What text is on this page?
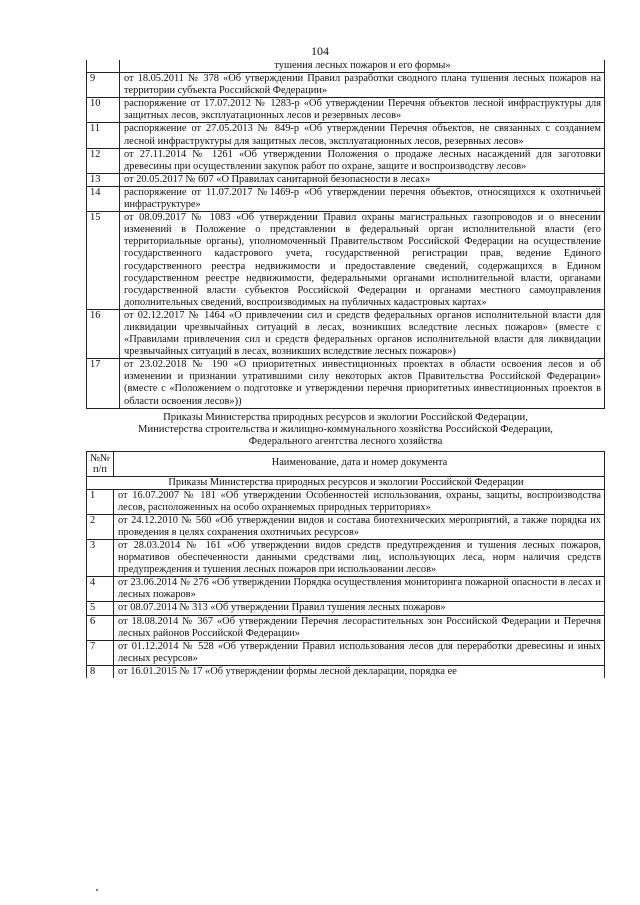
104
	тушения лесных пожаров и его формы»
9	от 18.05.2011 № 378 «Об утверждении Правил разработки сводного плана тушения лесных пожаров на территории субъекта Российской Федерации»
10	распоряжение от 17.07.2012 № 1283-р «Об утверждении Перечня объектов лесной инфраструктуры для защитных лесов, эксплуатационных лесов и резервных лесов»
11	распоряжение от 27.05.2013 № 849-р «Об утверждении Перечня объектов, не связанных с созданием лесной инфраструктуры для защитных лесов, эксплуатационных лесов, резервных лесов»
12	от 27.11.2014 № 1261 «Об утверждении Положения о продаже лесных насаждений для заготовки древесины при осуществлении закупок работ по охране, защите и воспроизводству лесов»
13	от 20.05.2017 № 607 «О Правилах санитарной безопасности в лесах»
14	распоряжение от 11.07.2017 №1469-р «Об утверждении перечня объектов, относящихся к охотничьей инфраструктуре»
15	от 08.09.2017 № 1083 «Об утверждении Правил охраны магистральных газопроводов и о внесении изменений в Положение о представлении в федеральный орган исполнительной власти (его территориальные органы), уполномоченный Правительством Российской Федерации на осуществление государственного кадастрового учета, государственной регистрации прав, ведение Единого государственного реестра недвижимости и предоставление сведений, содержащихся в Едином государственном реестре недвижимости, федеральными органами исполнительной власти, органами государственной власти субъектов Российской Федерации и органами местного самоуправления дополнительных сведений, воспроизводимых на публичных кадастровых картах»
16	от 02.12.2017 № 1464 «О привлечении сил и средств федеральных органов исполнительной власти для ликвидации чрезвычайных ситуаций в лесах, возникших вследствие лесных пожаров» (вместе с «Правилами привлечения сил и средств федеральных органов исполнительной власти для ликвидации чрезвычайных ситуаций в лесах, возникших вследствие лесных пожаров»)
17	от 23.02.2018 № 190 «О приоритетных инвестиционных проектах в области освоения лесов и об изменении и признании утратившими силу некоторых актов Правительства Российской Федерации» (вместе с «Положением о подготовке и утверждении перечня приоритетных инвестиционных проектов в области освоения лесов»))
Приказы Министерства природных ресурсов и экологии Российской Федерации,
Министерства строительства и жилищно-коммунального хозяйства Российской Федерации,
Федерального агентства лесного хозяйства
№№ п/п	Наименование, дата и номер документа
Приказы Министерства природных ресурсов и экологии Российской Федерации	
1	от 16.07.2007 № 181 «Об утверждении Особенностей использования, охраны, защиты, воспроизводства лесов, расположенных на особо охраняемых природных территориях»
2	от 24.12.2010 № 560 «Об утверждении видов и состава биотехнических мероприятий, а также порядка их проведения в целях сохранения охотничьих ресурсов»
3	от 28.03.2014 № 161 «Об утверждении видов средств предупреждения и тушения лесных пожаров, нормативов обеспеченности данными средствами лиц, использующих леса, норм наличия средств предупреждения и тушения лесных пожаров при использовании лесов»
4	от 23.06.2014 № 276 «Об утверждении Порядка осуществления мониторинга пожарной опасности в лесах и лесных пожаров»
5	от 08.07.2014 № 313 «Об утверждении Правил тушения лесных пожаров»
6	от 18.08.2014 № 367 «Об утверждении Перечня лесорастительных зон Российской Федерации и Перечня лесных районов Российской Федерации»
7	от 01.12.2014 № 528 «Об утверждении Правил использования лесов для переработки древесины и иных лесных ресурсов»
8	от 16.01.2015 № 17 «Об утверждении формы лесной декларации, порядка ее
